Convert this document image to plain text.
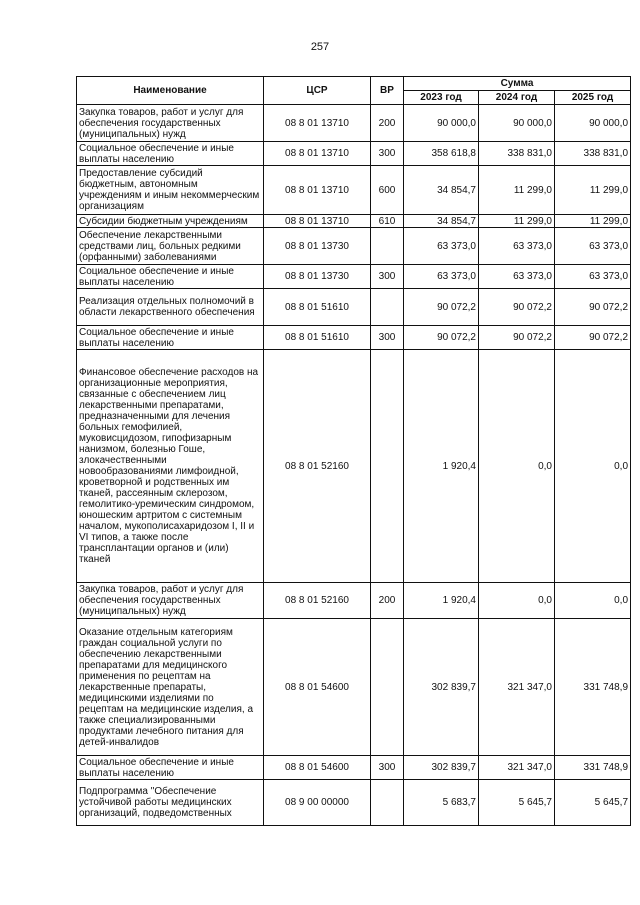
257
Наименование	ЦСР	ВР	Сумма		
			2023 год	2024 год	2025 год
Закупка товаров, работ и услуг для обеспечения государственных (муниципальных) нужд	08 8 01 13710	200	90 000,0	90 000,0	90 000,0
Социальное обеспечение и иные выплаты населению	08 8 01 13710	300	358 618,8	338 831,0	338 831,0
Предоставление субсидий бюджетным, автономным учреждениям и иным некоммерческим организациям	08 8 01 13710	600	34 854,7	11 299,0	11 299,0
Субсидии бюджетным учреждениям	08 8 01 13710	610	34 854,7	11 299,0	11 299,0
Обеспечение лекарственными средствами лиц, больных редкими (орфанными) заболеваниями	08 8 01 13730		63 373,0	63 373,0	63 373,0
Социальное обеспечение и иные выплаты населению	08 8 01 13730	300	63 373,0	63 373,0	63 373,0
Реализация отдельных полномочий в области лекарственного обеспечения	08 8 01 51610		90 072,2	90 072,2	90 072,2
Социальное обеспечение и иные выплаты населению	08 8 01 51610	300	90 072,2	90 072,2	90 072,2
Финансовое обеспечение расходов на организационные мероприятия, связанные с обеспечением лиц лекарственными препаратами, предназначенными для лечения больных гемофилией, муковисцидозом, гипофизарным нанизмом, болезнью Гоше, злокачественными новообразованиями лимфоидной, кроветворной и родственных им тканей, рассеянным склерозом, гемолитико-уремическим синдромом, юношеским артритом с системным началом, мукополисахаридозом I, II и VI типов, а также после трансплантации органов и (или) тканей	08 8 01 52160		1 920,4	0,0	0,0
Закупка товаров, работ и услуг для обеспечения государственных (муниципальных) нужд	08 8 01 52160	200	1 920,4	0,0	0,0
Оказание отдельным категориям граждан социальной услуги по обеспечению лекарственными препаратами для медицинского применения по рецептам на лекарственные препараты, медицинскими изделиями по рецептам на медицинские изделия, а также специализированными продуктами лечебного питания для детей-инвалидов	08 8 01 54600		302 839,7	321 347,0	331 748,9
Социальное обеспечение и иные выплаты населению	08 8 01 54600	300	302 839,7	321 347,0	331 748,9
Подпрограмма "Обеспечение устойчивой работы медицинских организаций, подведомственных	08 9 00 00000		5 683,7	5 645,7	5 645,7
